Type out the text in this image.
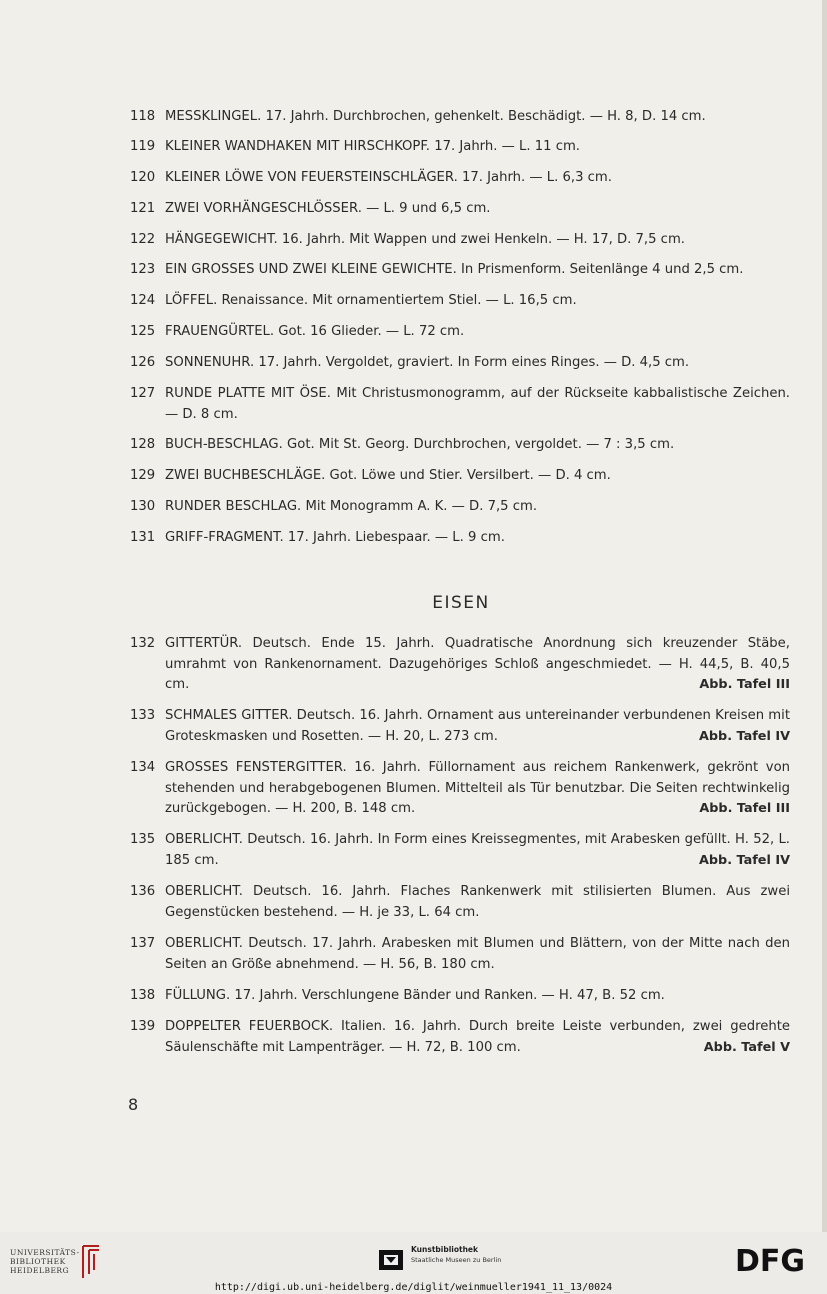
118 MESSKLINGEL. 17. Jahrh. Durchbrochen, gehenkelt. Beschädigt. — H. 8, D. 14 cm.
119 KLEINER WANDHAKEN MIT HIRSCHKOPF. 17. Jahrh. — L. 11 cm.
120 KLEINER LÖWE VON FEUERSTEINSCHLÄGER. 17. Jahrh. — L. 6,3 cm.
121 ZWEI VORHÄNGESCHLÖSSER. — L. 9 und 6,5 cm.
122 HÄNGEGEWICHT. 16. Jahrh. Mit Wappen und zwei Henkeln. — H. 17, D. 7,5 cm.
123 EIN GROSSES UND ZWEI KLEINE GEWICHTE. In Prismenform. Seitenlänge 4 und 2,5 cm.
124 LÖFFEL. Renaissance. Mit ornamentiertem Stiel. — L. 16,5 cm.
125 FRAUENGÜRTEL. Got. 16 Glieder. — L. 72 cm.
126 SONNENUHR. 17. Jahrh. Vergoldet, graviert. In Form eines Ringes. — D. 4,5 cm.
127 RUNDE PLATTE MIT ÖSE. Mit Christusmonogramm, auf der Rückseite kabbalistische Zeichen. — D. 8 cm.
128 BUCH-BESCHLAG. Got. Mit St. Georg. Durchbrochen, vergoldet. — 7 : 3,5 cm.
129 ZWEI BUCHBESCHLÄGE. Got. Löwe und Stier. Versilbert. — D. 4 cm.
130 RUNDER BESCHLAG. Mit Monogramm A. K. — D. 7,5 cm.
131 GRIFF-FRAGMENT. 17. Jahrh. Liebespaar. — L. 9 cm.
132 GITTERTÜR. Deutsch. Ende 15. Jahrh. Quadratische Anordnung sich kreuzender Stäbe, umrahmt von Rankenornament. Dazugehöriges Schloß angeschmiedet. — H. 44,5, B. 40,5 cm.	Abb. Tafel III
133 SCHMALES GITTER. Deutsch. 16. Jahrh. Ornament aus untereinander verbundenen Kreisen mit Groteskmasken und Rosetten. — H. 20, L. 273 cm.	Abb. Tafel IV
134 GROSSES FENSTERGITTER. 16. Jahrh. Füllornament aus reichem Rankenwerk, gekrönt von stehenden und herabgebogenen Blumen. Mittelteil als Tür benutzbar. Die Seiten rechtwinkelig zurückgebogen. — H. 200, B. 148 cm.	Abb. Tafel III
135 OBERLICHT. Deutsch. 16. Jahrh. In Form eines Kreissegmentes, mit Arabesken gefüllt. H. 52, L. 185 cm.	Abb. Tafel IV
136 OBERLICHT. Deutsch. 16. Jahrh. Flaches Rankenwerk mit stilisierten Blumen. Aus zwei Gegenstücken bestehend. — H. je 33, L. 64 cm.
137 OBERLICHT. Deutsch. 17. Jahrh. Arabesken mit Blumen und Blättern, von der Mitte nach den Seiten an Größe abnehmend. — H. 56, B. 180 cm.
138 FÜLLUNG. 17. Jahrh. Verschlungene Bänder und Ranken. — H. 47, B. 52 cm.
139 DOPPELTER FEUERBOCK. Italien. 16. Jahrh. Durch breite Leiste verbunden, zwei gedrehte Säulenschäfte mit Lampenträger. — H. 72, B. 100 cm.	Abb. Tafel V
EISEN
8
UNIVERSITÄTS-
BIBLIOTHEK
HEIDELBERG
Kunstbibliothek
Staatliche Museen zu Berlin	DFG
http://digi.ub.uni-heidelberg.de/diglit/weinmueller1941_11_13/0024
